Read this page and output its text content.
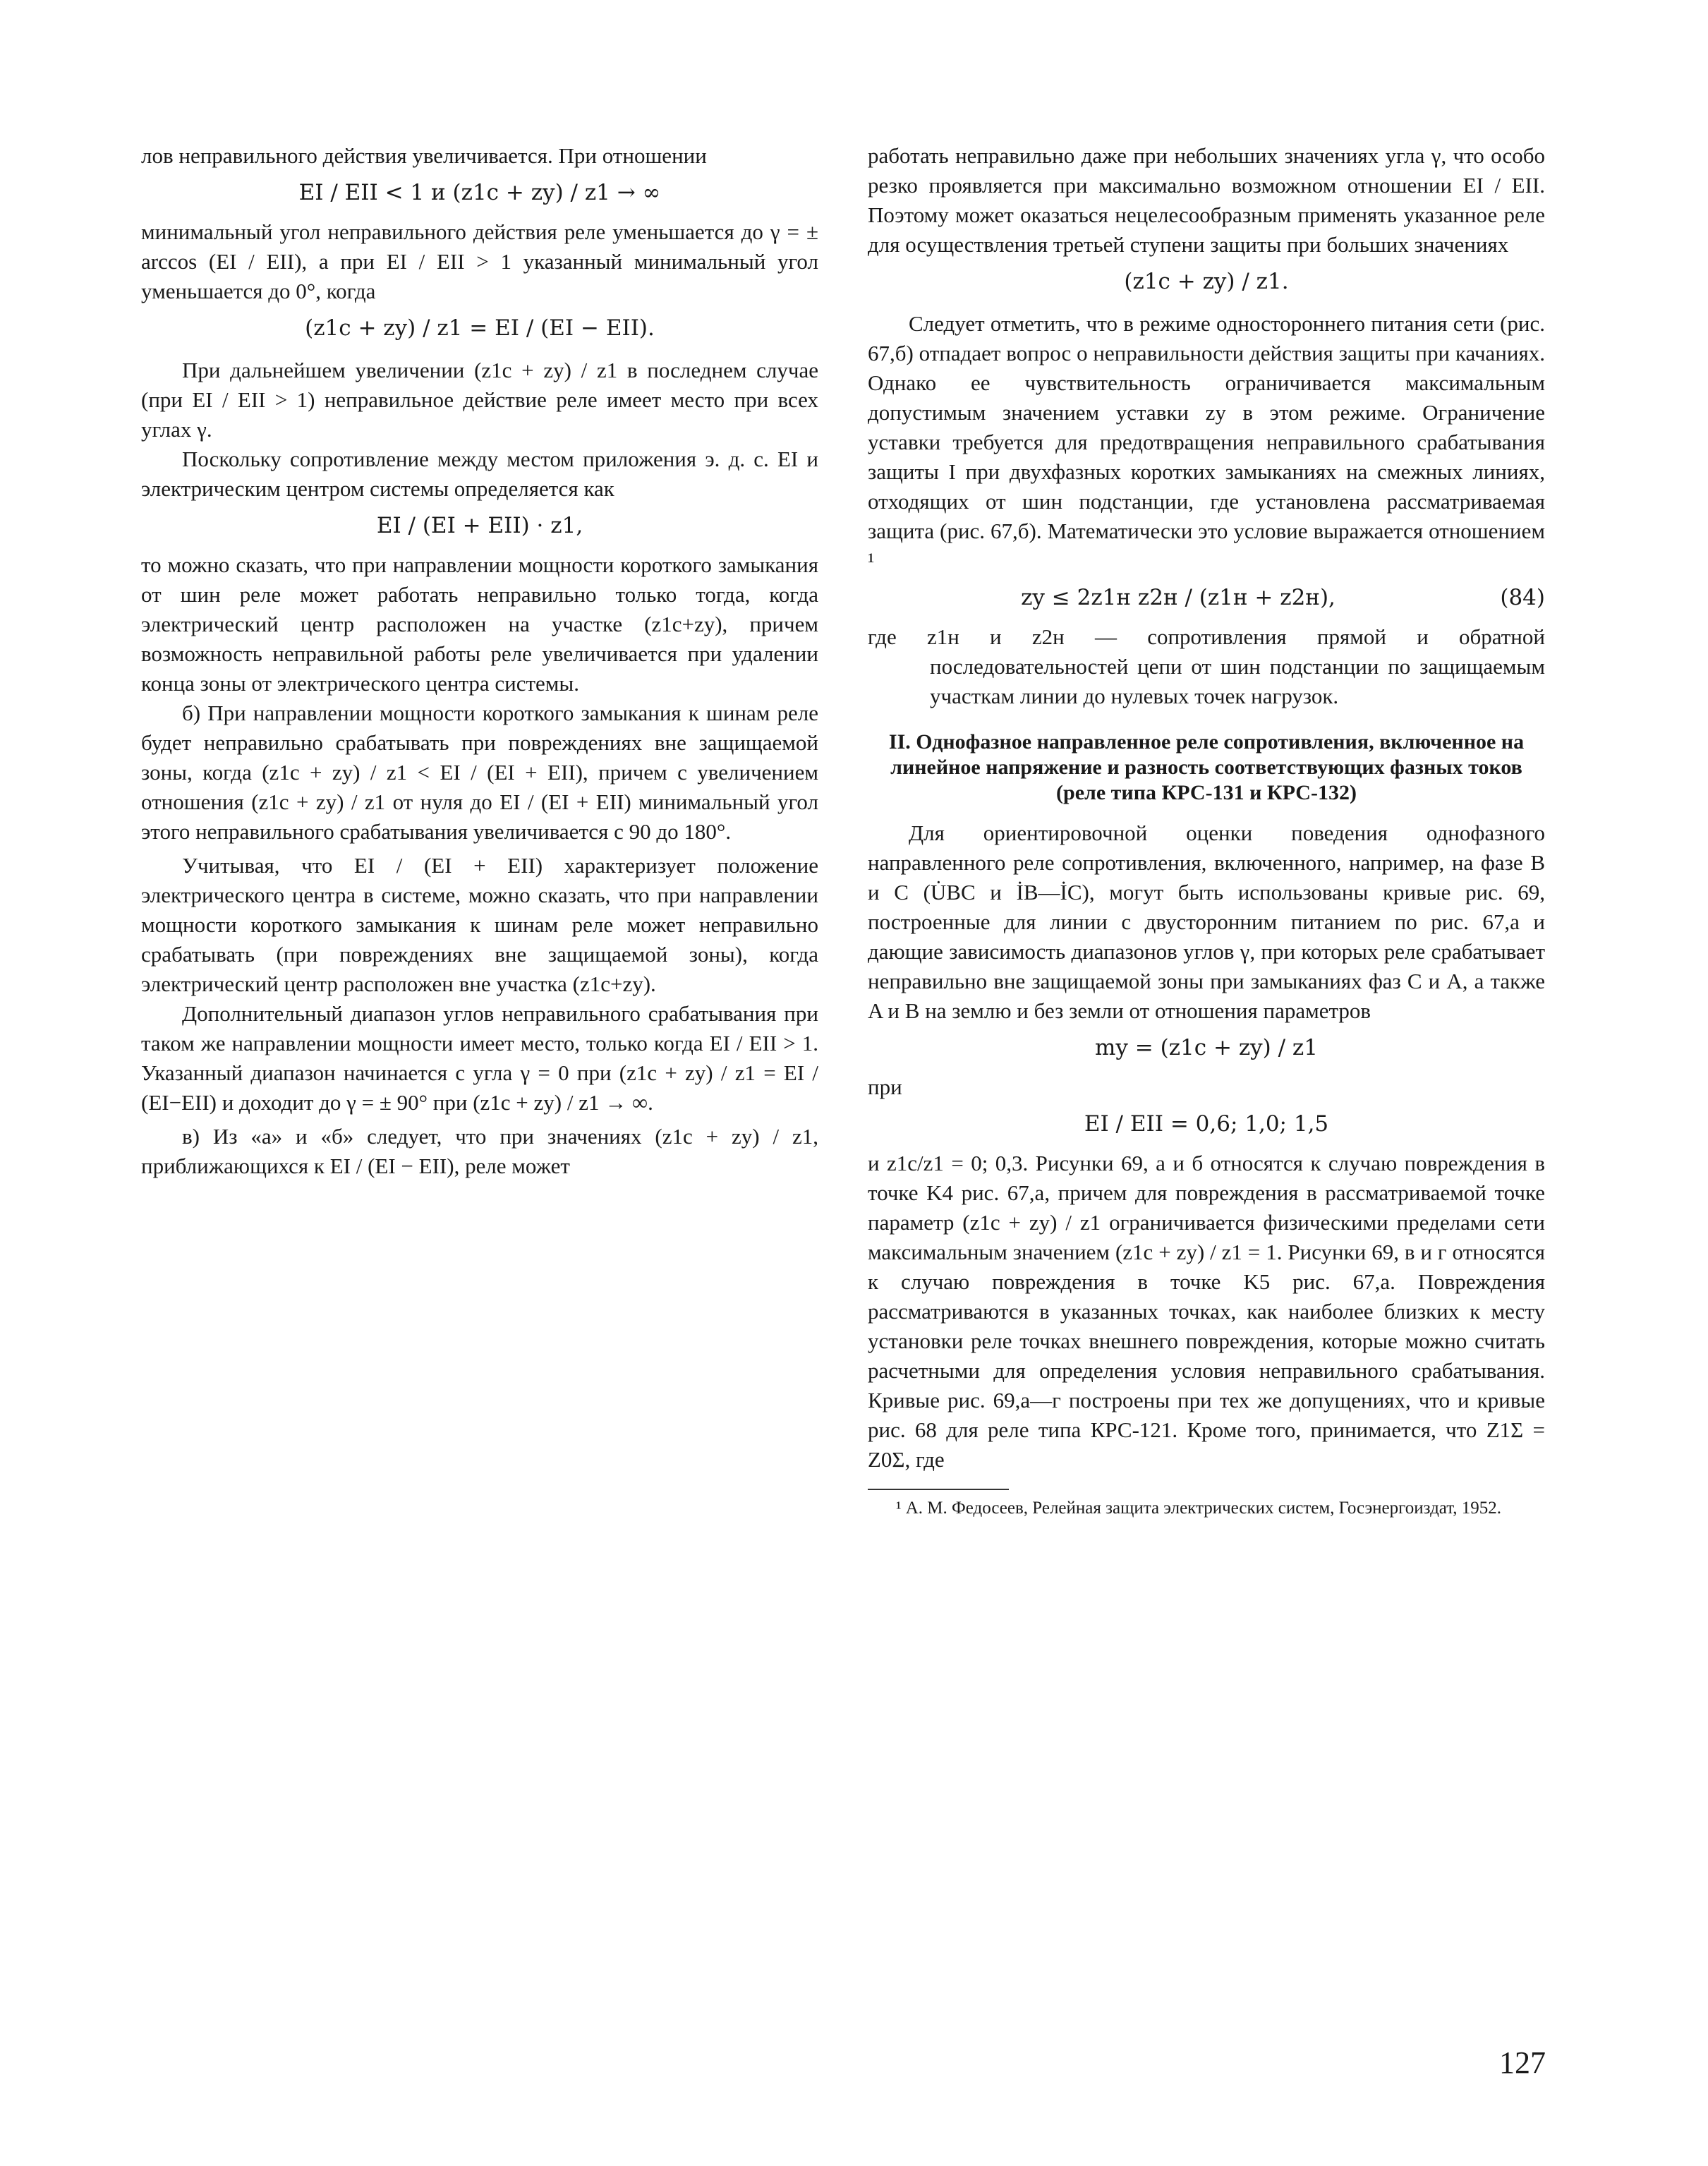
лов неправильного действия увеличивается. При отношении

EI / EII < 1 и (z1c + zy) / z1 → ∞

минимальный угол неправильного действия реле уменьшается до γ = ± arccos (EI / EII), а при EI / EII > 1 указанный минимальный угол уменьшается до 0°, когда

(z1c + zy) / z1 = EI / (EI − EII).

При дальнейшем увеличении (z1c + zy) / z1 в последнем случае (при EI / EII > 1) неправильное действие реле имеет место при всех углах γ.

Поскольку сопротивление между местом приложения э. д. с. EI и электрическим центром системы определяется как

EI / (EI + EII) · z1,

то можно сказать, что при направлении мощности короткого замыкания от шин реле может работать неправильно только тогда, когда электрический центр расположен на участке (z1c+zy), причем возможность неправильной работы реле увеличивается при удалении конца зоны от электрического центра системы.

б) При направлении мощности короткого замыкания к шинам реле будет неправильно срабатывать при повреждениях вне защищаемой зоны, когда (z1c + zy) / z1 < EI / (EI + EII), причем с увеличением отношения (z1c + zy) / z1 от нуля до EI / (EI + EII) минимальный угол этого неправильного срабатывания увеличивается с 90 до 180°.

Учитывая, что EI / (EI + EII) характеризует положение электрического центра в системе, можно сказать, что при направлении мощности короткого замыкания к шинам реле может неправильно срабатывать (при повреждениях вне защищаемой зоны), когда электрический центр расположен вне участка (z1c+zy).

Дополнительный диапазон углов неправильного срабатывания при таком же направлении мощности имеет место, только когда EI / EII > 1. Указанный диапазон начинается с угла γ = 0 при (z1c + zy) / z1 = EI / (EI−EII) и доходит до γ = ± 90° при (z1c + zy) / z1 → ∞.

в) Из «а» и «б» следует, что при значениях (z1c + zy) / z1, приближающихся к EI / (EI − EII), реле может

работать неправильно даже при небольших значениях угла γ, что особо резко проявляется при максимально возможном отношении EI / EII. Поэтому может оказаться нецелесообразным применять указанное реле для осуществления третьей ступени защиты при больших значениях

(z1c + zy) / z1.

Следует отметить, что в режиме одностороннего питания сети (рис. 67,б) отпадает вопрос о неправильности действия защиты при качаниях. Однако ее чувствительность ограничивается максимальным допустимым значением уставки zy в этом режиме. Ограничение уставки требуется для предотвращения неправильного срабатывания защиты I при двухфазных коротких замыканиях на смежных линиях, отходящих от шин подстанции, где установлена рассматриваемая защита (рис. 67,б). Математически это условие выражается отношением ¹

zy ≤ 2z1н z2н / (z1н + z2н),	(84)

где z1н и z2н — сопротивления прямой и обратной последовательностей цепи от шин подстанции по защищаемым участкам линии до нулевых точек нагрузок.

II. Однофазное направленное реле сопротивления, включенное на линейное напряжение и разность соответствующих фазных токов (реле типа КРС-131 и КРС-132)

Для ориентировочной оценки поведения однофазного направленного реле сопротивления, включенного, например, на фазе B и C (U̇BC и İB—İC), могут быть использованы кривые рис. 69, построенные для линии с двусторонним питанием по рис. 67,а и дающие зависимость диапазонов углов γ, при которых реле срабатывает неправильно вне защищаемой зоны при замыканиях фаз C и A, а также A и B на землю и без земли от отношения параметров

my = (z1c + zy) / z1

при

EI / EII = 0,6; 1,0; 1,5

и z1c/z1 = 0; 0,3. Рисунки 69, а и б относятся к случаю повреждения в точке K4 рис. 67,а, причем для повреждения в рассматриваемой точке параметр (z1c + zy) / z1 ограничивается физическими пределами сети максимальным значением (z1c + zy) / z1 = 1. Рисунки 69, в и г относятся к случаю повреждения в точке K5 рис. 67,а. Повреждения рассматриваются в указанных точках, как наиболее близких к месту установки реле точках внешнего повреждения, которые можно считать расчетными для определения условия неправильного срабатывания. Кривые рис. 69,а—г построены при тех же допущениях, что и кривые рис. 68 для реле типа КРС-121. Кроме того, принимается, что Z1Σ = Z0Σ, где

¹ А. М. Федосеев, Релейная защита электрических систем, Госэнергоиздат, 1952.

127
